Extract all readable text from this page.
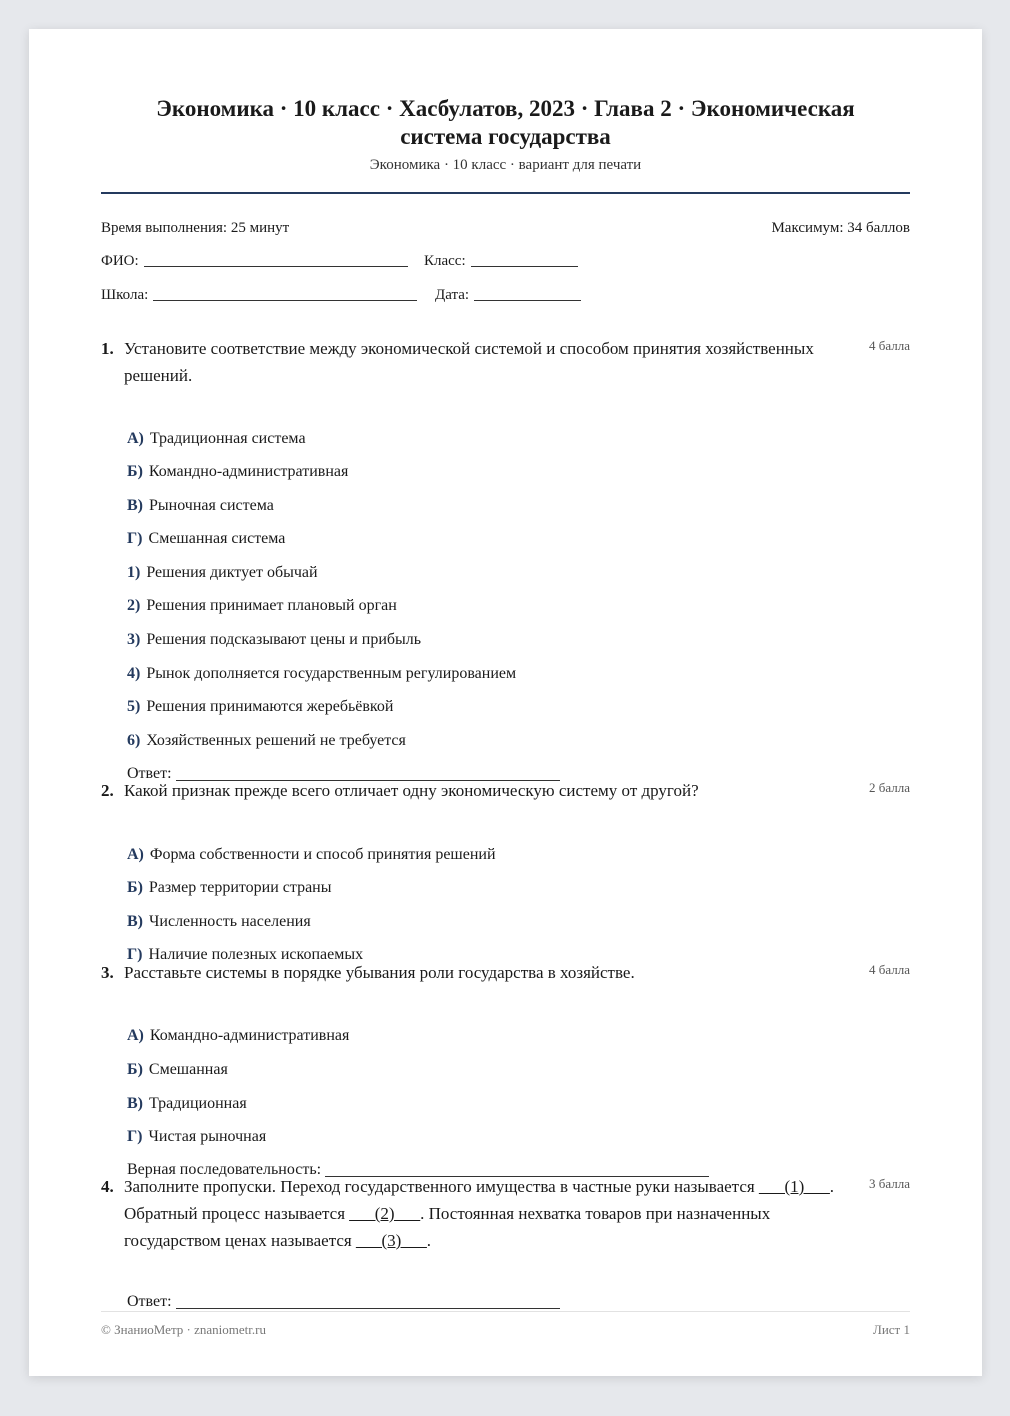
Экономика · 10 класс · Хасбулатов, 2023 · Глава 2 · Экономическая
система государства
Экономика · 10 класс · вариант для печати
Время выполнения: 25 минут	Максимум: 34 баллов
ФИО:	Класс:
Школа:	Дата:
1. Установите соответствие между экономической системой и способом принятия хозяйственных решений.
4 балла
А) Традиционная система
Б) Командно-административная
В) Рыночная система
Г) Смешанная система
1) Решения диктует обычай
2) Решения принимает плановый орган
3) Решения подсказывают цены и прибыль
4) Рынок дополняется государственным регулированием
5) Решения принимаются жеребьёвкой
6) Хозяйственных решений не требуется
Ответ:
2. Какой признак прежде всего отличает одну экономическую систему от другой?	2 балла
А) Форма собственности и способ принятия решений
Б) Размер территории страны
В) Численность населения
Г) Наличие полезных ископаемых
3. Расставьте системы в порядке убывания роли государства в хозяйстве.	4 балла
А) Командно-административная
Б) Смешанная
В) Традиционная
Г) Чистая рыночная
Верная последовательность:
4. Заполните пропуски. Переход государственного имущества в частные руки называется ___(1)___. Обратный процесс называется ___(2)___. Постоянная нехватка товаров при назначенных государством ценах называется ___(3)___.
3 балла
Ответ:
© ЗнаниоМетр · znaniometr.ru	Лист 1
